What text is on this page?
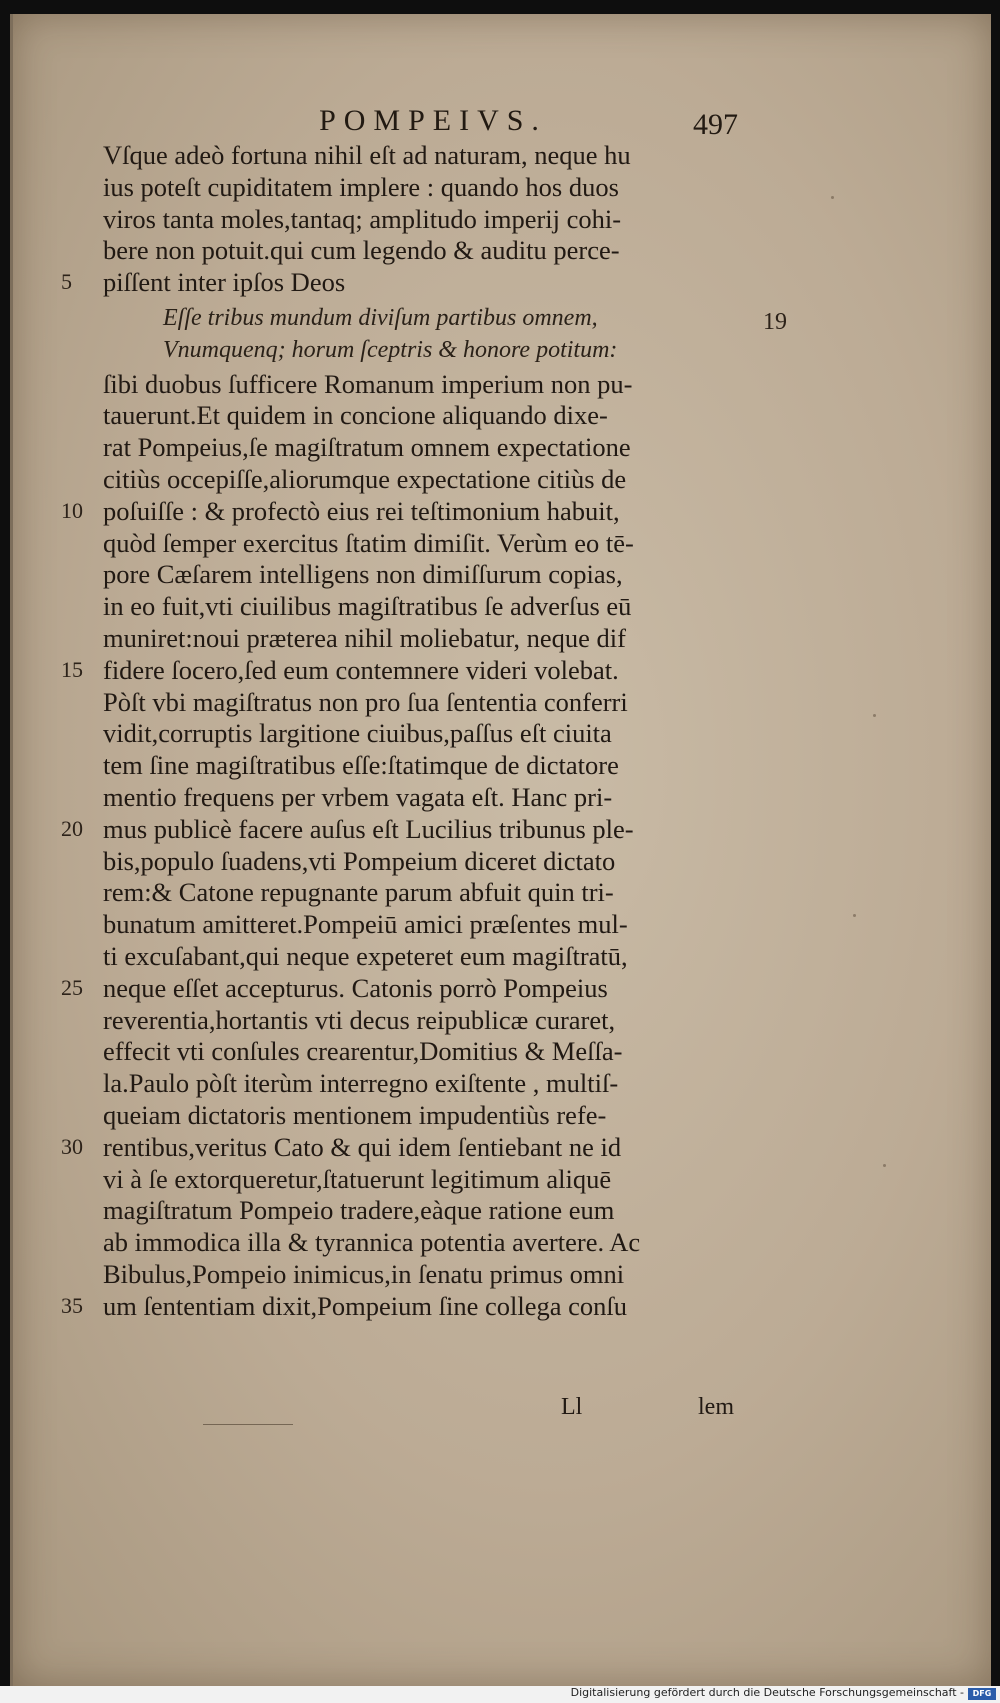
POMPEIVS.	497
Vſque adeò fortuna nihil eſt ad naturam, neque hu
ius poteſt cupiditatem implere : quando hos duos
viros tanta moles,tantaq; amplitudo imperij cohi-
bere non potuit.qui cum legendo & auditu perce-
piſſent inter ipſos Deos
ſibi duobus ſufficere Romanum imperium non pu-
tauerunt.Et quidem in concione aliquando dixe-
rat Pompeius,ſe magiſtratum omnem expectatione
citiùs occepiſſe,aliorumque expectatione citiùs de
poſuiſſe : & profectò eius rei teſtimonium habuit,
quòd ſemper exercitus ſtatim dimiſit. Verùm eo tē-
pore Cæſarem intelligens non dimiſſurum copias,
in eo fuit,vti ciuilibus magiſtratibus ſe adverſus eū
muniret:noui præterea nihil moliebatur, neque dif
fidere ſocero,ſed eum contemnere videri volebat.
Pòſt vbi magiſtratus non pro ſua ſententia conferri
vidit,corruptis largitione ciuibus,paſſus eſt ciuita
tem ſine magiſtratibus eſſe:ſtatimque de dictatore
mentio frequens per vrbem vagata eſt. Hanc pri-
mus publicè facere auſus eſt Lucilius tribunus ple-
bis,populo ſuadens,vti Pompeium diceret dictato
rem:& Catone repugnante parum abfuit quin tri-
bunatum amitteret.Pompeiū amici præſentes mul-
ti excuſabant,qui neque expeteret eum magiſtratū,
neque eſſet accepturus. Catonis porrò Pompeius
reverentia,hortantis vti decus reipublicæ curaret,
effecit vti conſules crearentur,Domitius & Meſſa-
la.Paulo pòſt iterùm interregno exiſtente , multiſ-
queiam dictatoris mentionem impudentiùs refe-
rentibus,veritus Cato & qui idem ſentiebant ne id
vi à ſe extorqueretur,ſtatuerunt legitimum aliquē
magiſtratum Pompeio tradere,eàque ratione eum
ab immodica illa & tyrannica potentia avertere. Ac
Bibulus,Pompeio inimicus,in ſenatu primus omni
um ſententiam dixit,Pompeium ſine collega conſu
Eſſe tribus mundum diviſum partibus omnem,
Vnumquenq; horum ſceptris & honore potitum:
5
10
15
20
25
30
35
19
Ll	lem
Digitalisierung gefördert durch die Deutsche Forschungsgemeinschaft -	DFG
